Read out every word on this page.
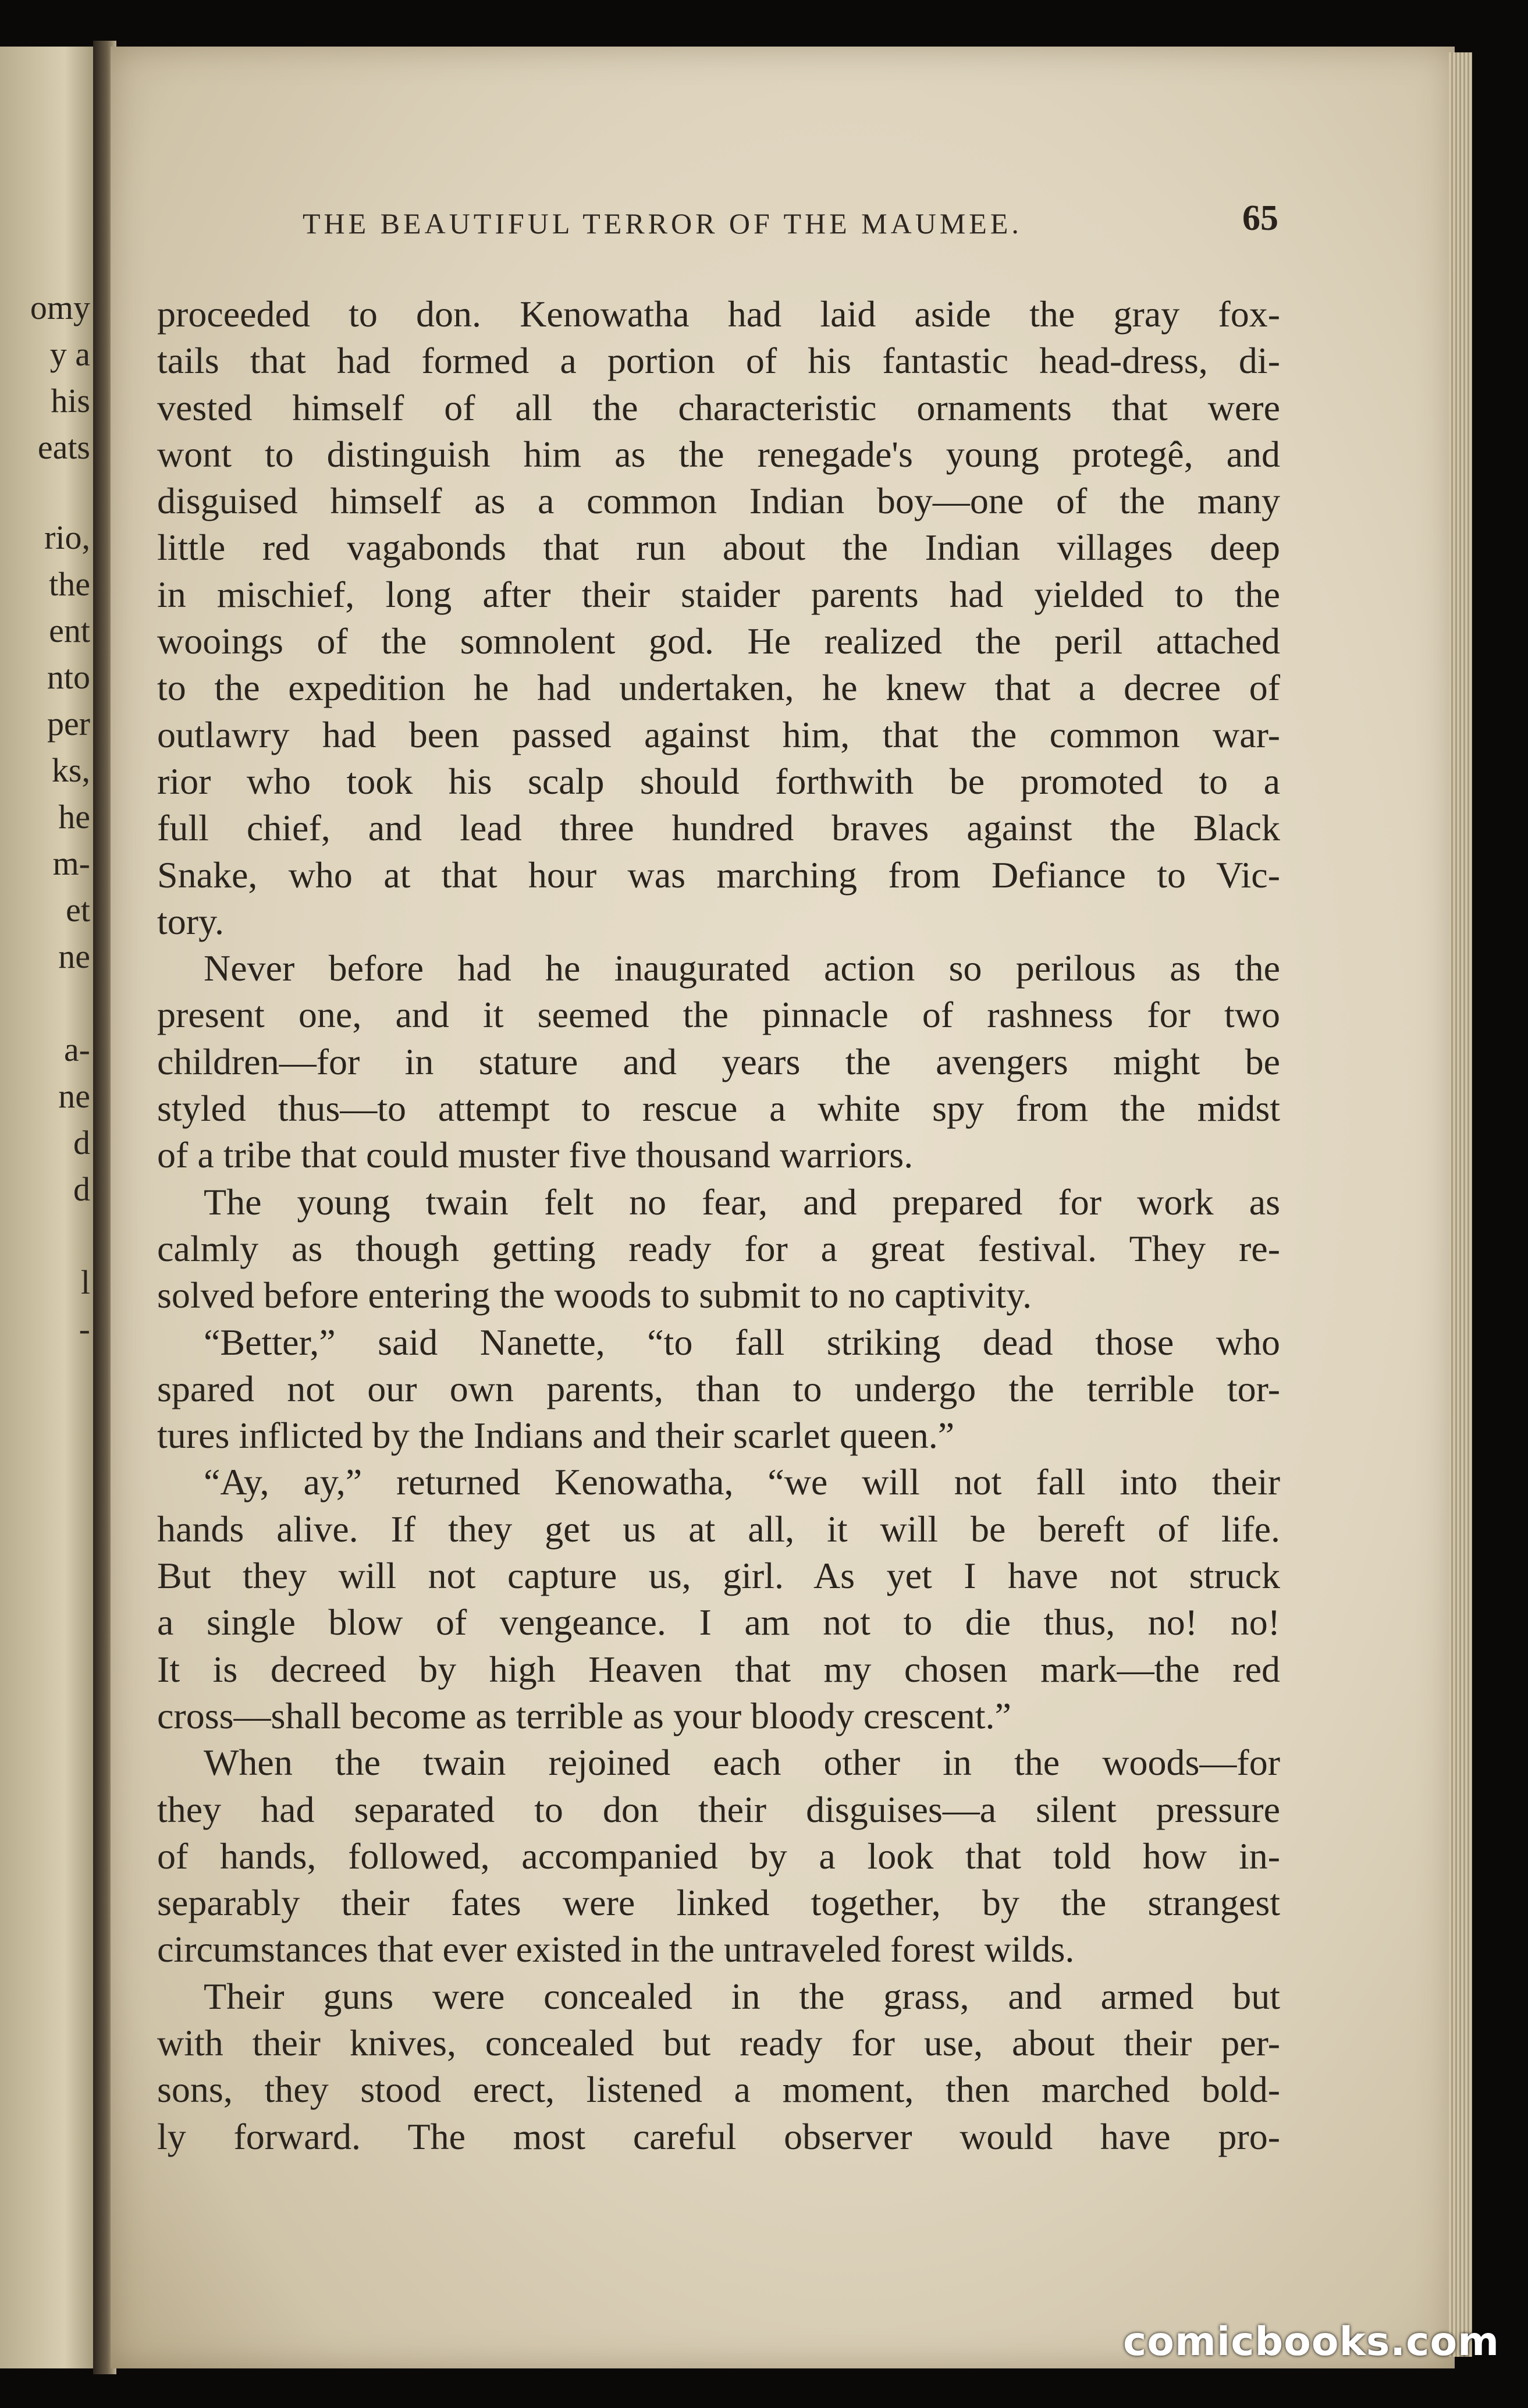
omy
y a
his
eats
rio,
the
ent
nto
per
ks,
he
m-
et
ne
a-
ne
d
d
l
-
THE BEAUTIFUL TERROR OF THE MAUMEE.	65
proceeded to don. Kenowatha had laid aside the gray fox-
tails that had formed a portion of his fantastic head-dress, di-
vested himself of all the characteristic ornaments that were
wont to distinguish him as the renegade's young protegê, and
disguised himself as a common Indian boy—one of the many
little red vagabonds that run about the Indian villages deep
in mischief, long after their staider parents had yielded to the
wooings of the somnolent god. He realized the peril attached
to the expedition he had undertaken, he knew that a decree of
outlawry had been passed against him, that the common war-
rior who took his scalp should forthwith be promoted to a
full chief, and lead three hundred braves against the Black
Snake, who at that hour was marching from Defiance to Vic-
tory.
Never before had he inaugurated action so perilous as the
present one, and it seemed the pinnacle of rashness for two
children—for in stature and years the avengers might be
styled thus—to attempt to rescue a white spy from the midst
of a tribe that could muster five thousand warriors.
The young twain felt no fear, and prepared for work as
calmly as though getting ready for a great festival. They re-
solved before entering the woods to submit to no captivity.
“Better,” said Nanette, “to fall striking dead those who
spared not our own parents, than to undergo the terrible tor-
tures inflicted by the Indians and their scarlet queen.”
“Ay, ay,” returned Kenowatha, “we will not fall into their
hands alive. If they get us at all, it will be bereft of life.
But they will not capture us, girl. As yet I have not struck
a single blow of vengeance. I am not to die thus, no! no!
It is decreed by high Heaven that my chosen mark—the red
cross—shall become as terrible as your bloody crescent.”
When the twain rejoined each other in the woods—for
they had separated to don their disguises—a silent pressure
of hands, followed, accompanied by a look that told how in-
separably their fates were linked together, by the strangest
circumstances that ever existed in the untraveled forest wilds.
Their guns were concealed in the grass, and armed but
with their knives, concealed but ready for use, about their per-
sons, they stood erect, listened a moment, then marched bold-
ly forward. The most careful observer would have pro-
comicbooks.com
